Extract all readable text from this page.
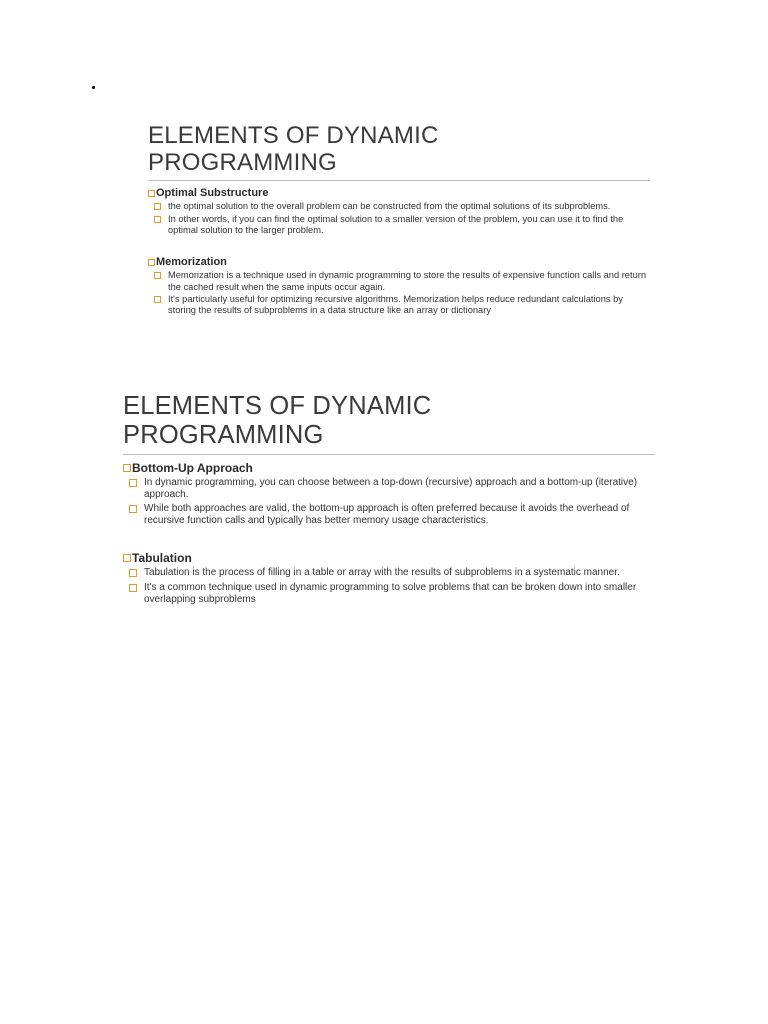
ELEMENTS OF DYNAMIC
PROGRAMMING
Optimal Substructure
the optimal solution to the overall problem can be constructed from the optimal solutions of its subproblems.
In other words, if you can find the optimal solution to a smaller version of the problem, you can use it to find the optimal solution to the larger problem.
Memorization
Memorization is a technique used in dynamic programming to store the results of expensive function calls and return the cached result when the same inputs occur again.
It's particularly useful for optimizing recursive algorithms. Memorization helps reduce redundant calculations by storing the results of subproblems in a data structure like an array or dictionary
ELEMENTS OF DYNAMIC
PROGRAMMING
Bottom-Up Approach
In dynamic programming, you can choose between a top-down (recursive) approach and a bottom-up (iterative) approach.
While both approaches are valid, the bottom-up approach is often preferred because it avoids the overhead of recursive function calls and typically has better memory usage characteristics.
Tabulation
Tabulation is the process of filling in a table or array with the results of subproblems in a systematic manner.
It's a common technique used in dynamic programming to solve problems that can be broken down into smaller overlapping subproblems
